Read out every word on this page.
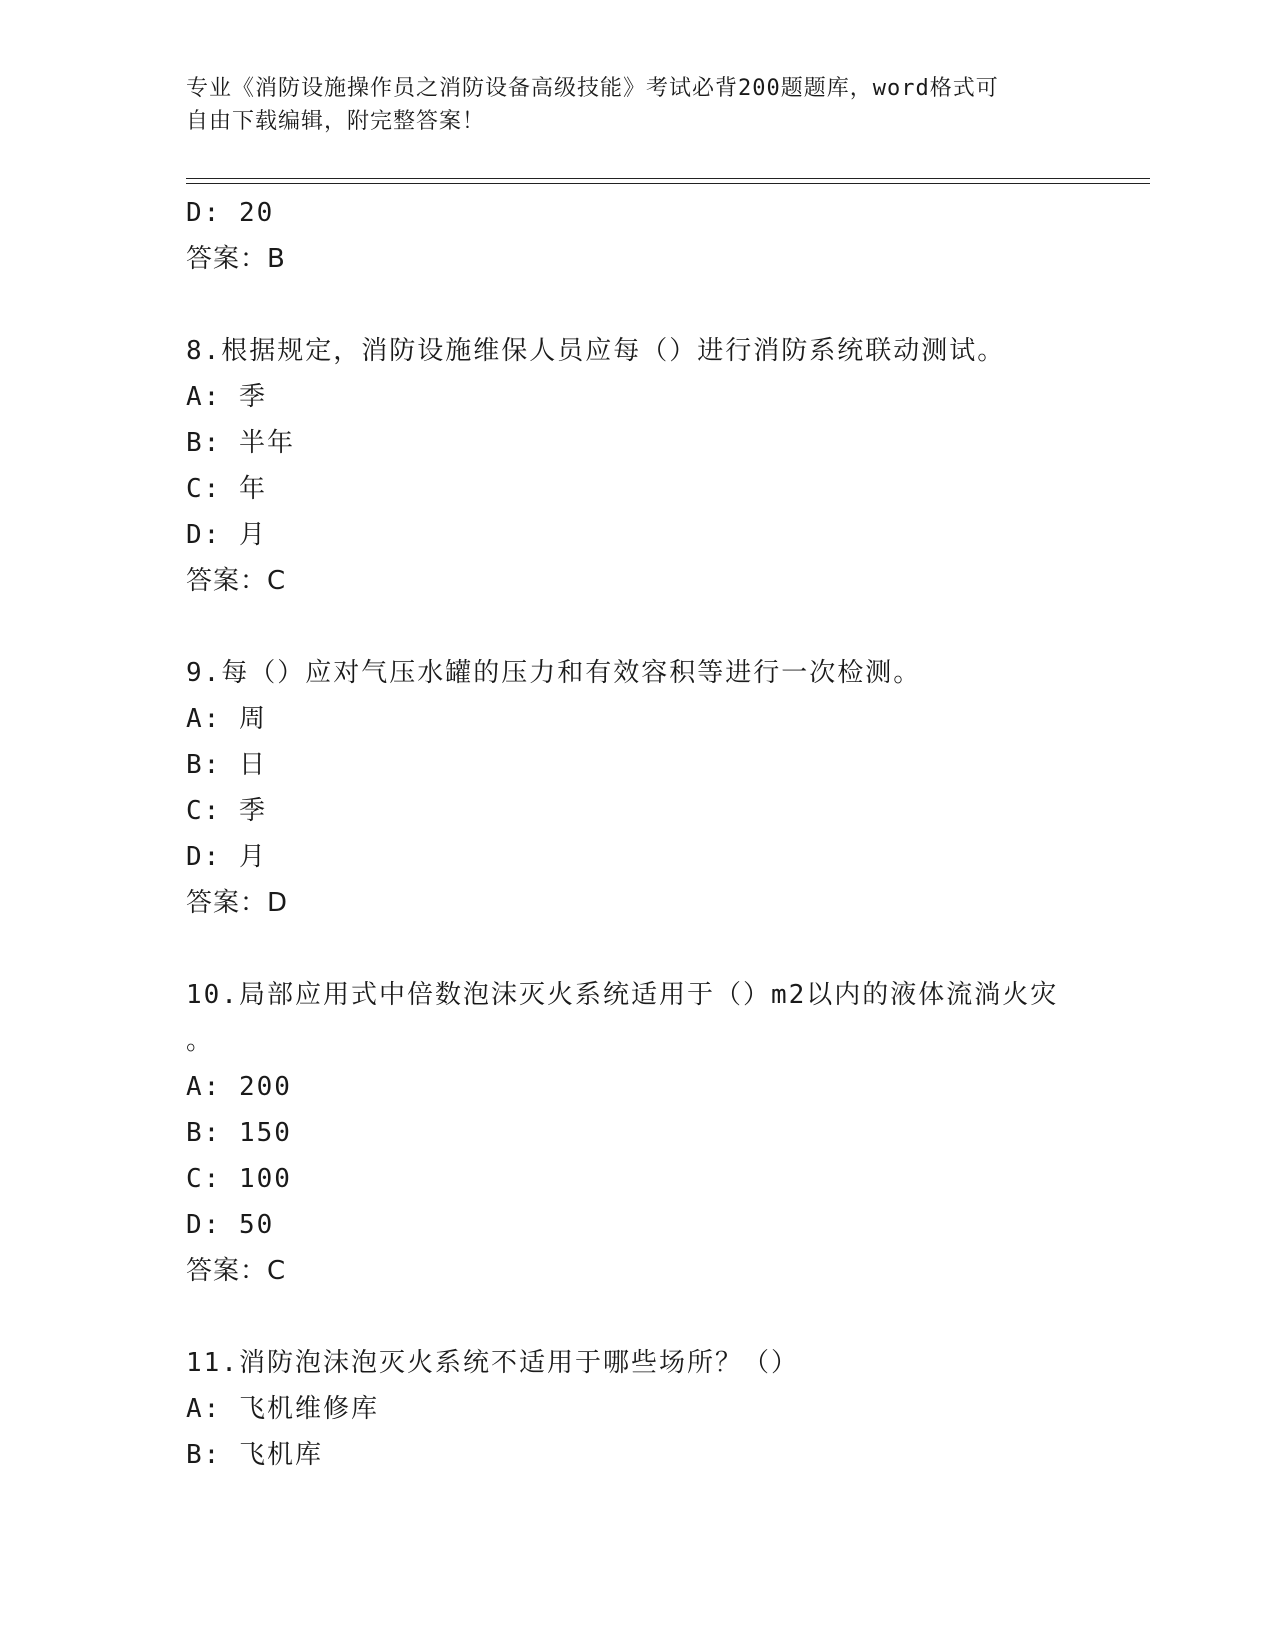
专业《消防设施操作员之消防设备高级技能》考试必背200题题库，word格式可
自由下载编辑，附完整答案！
D: 20
答案：B
8.根据规定，消防设施维保人员应每（）进行消防系统联动测试。
A: 季
B: 半年
C: 年
D: 月
答案：C
9.每（）应对气压水罐的压力和有效容积等进行一次检测。
A: 周
B: 日
C: 季
D: 月
答案：D
10.局部应用式中倍数泡沫灭火系统适用于（）m2以内的液体流淌火灾
。
A: 200
B: 150
C: 100
D: 50
答案：C
11.消防泡沫泡灭火系统不适用于哪些场所？（）
A: 飞机维修库
B: 飞机库
